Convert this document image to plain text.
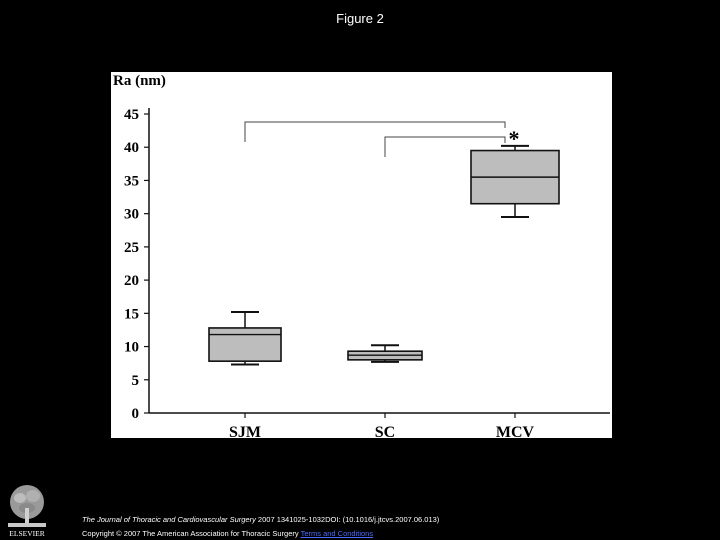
Figure 2
Ra (nm)
0
5
10
15
20
25
30
35
40
45
SJM	SC	MCV
*
ELSEVIER
The Journal of Thoracic and Cardiovascular Surgery 2007 1341025-1032DOI: (10.1016/j.jtcvs.2007.06.013)
Copyright © 2007 The American Association for Thoracic Surgery Terms and Conditions
